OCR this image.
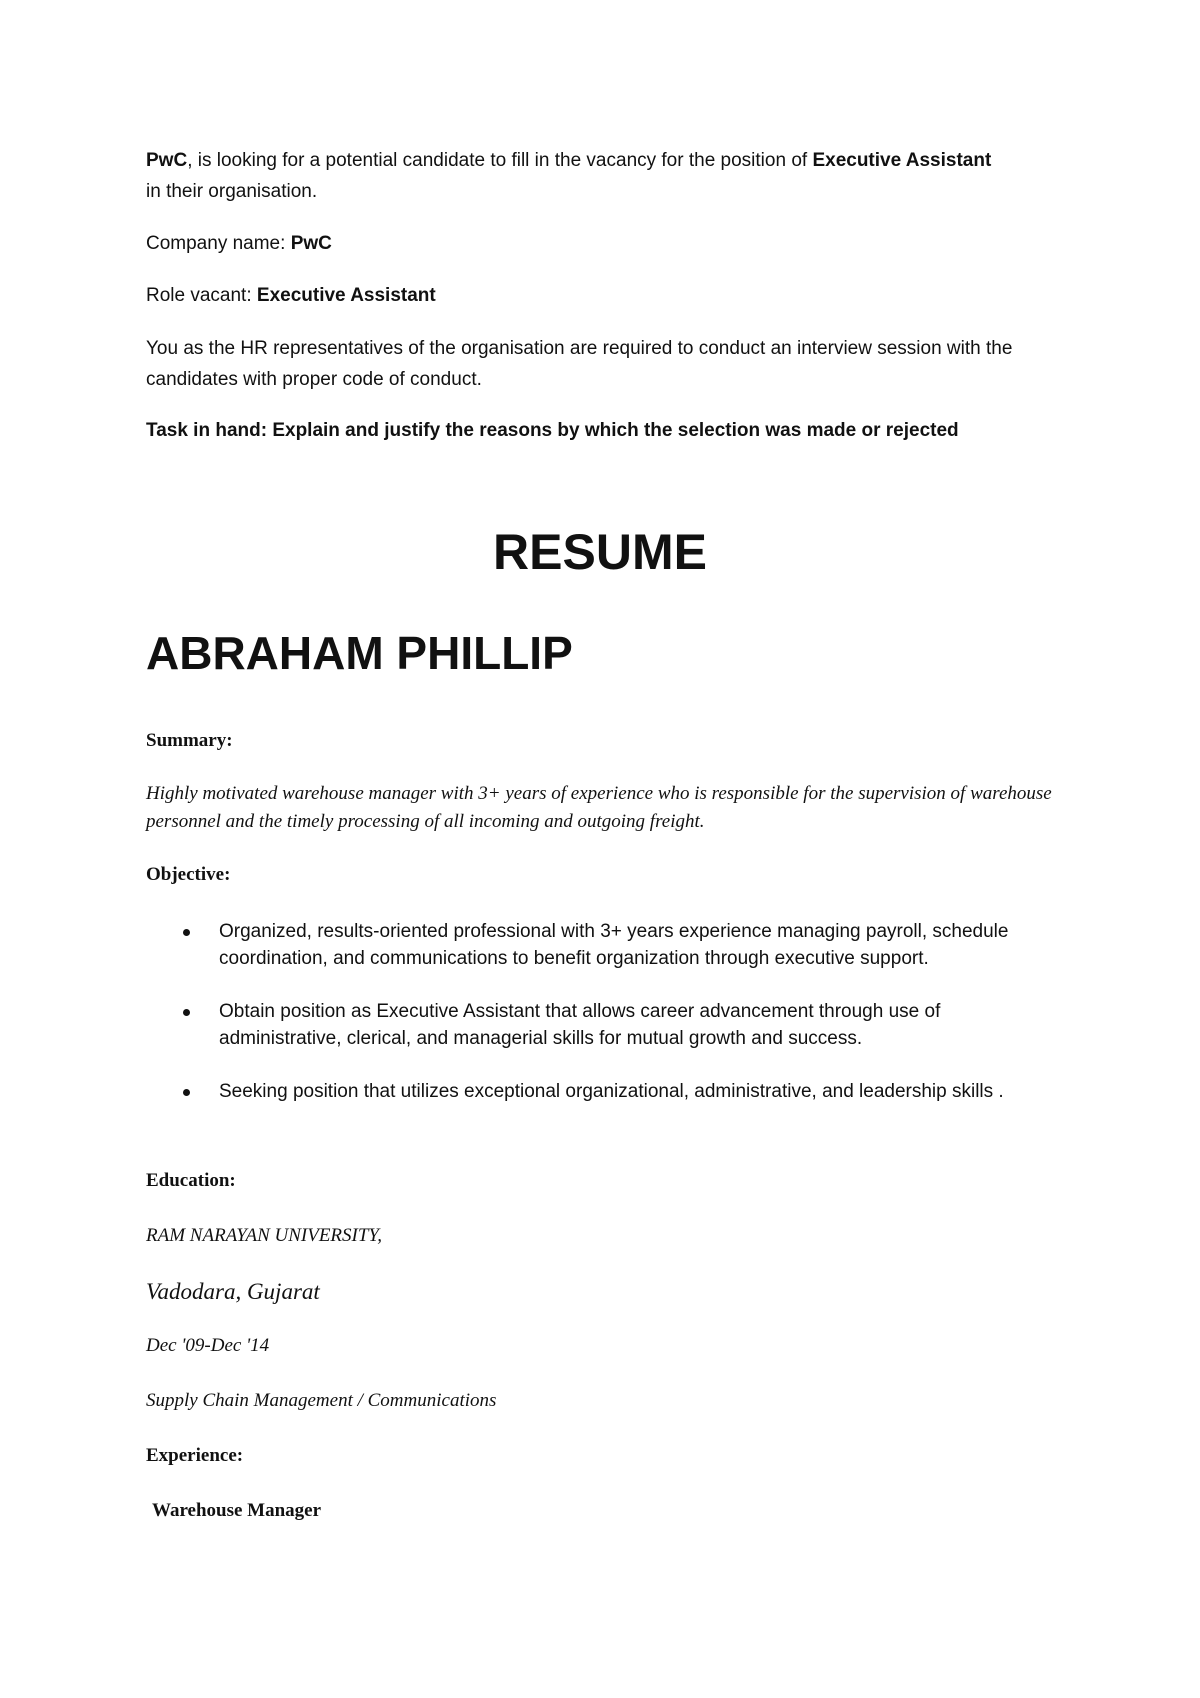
PwC, is looking for a potential candidate to fill in the vacancy for the position of Executive Assistant
in their organisation.
Company name: PwC
Role vacant: Executive Assistant
You as the HR representatives of the organisation are required to conduct an interview session with the candidates with proper code of conduct.
Task in hand: Explain and justify the reasons by which the selection was made or rejected
RESUME
ABRAHAM PHILLIP
Summary:
Highly motivated warehouse manager with 3+ years of experience who is responsible for the supervision of warehouse personnel and the timely processing of all incoming and outgoing freight.
Objective:
Organized, results-oriented professional with 3+ years experience managing payroll, schedule coordination, and communications to benefit organization through executive support.
Obtain position as Executive Assistant that allows career advancement through use of administrative, clerical, and managerial skills for mutual growth and success.
Seeking position that utilizes exceptional organizational, administrative, and leadership skills .
Education:
RAM NARAYAN UNIVERSITY,
Vadodara, Gujarat
Dec '09-Dec '14
Supply Chain Management / Communications
Experience:
Warehouse Manager
